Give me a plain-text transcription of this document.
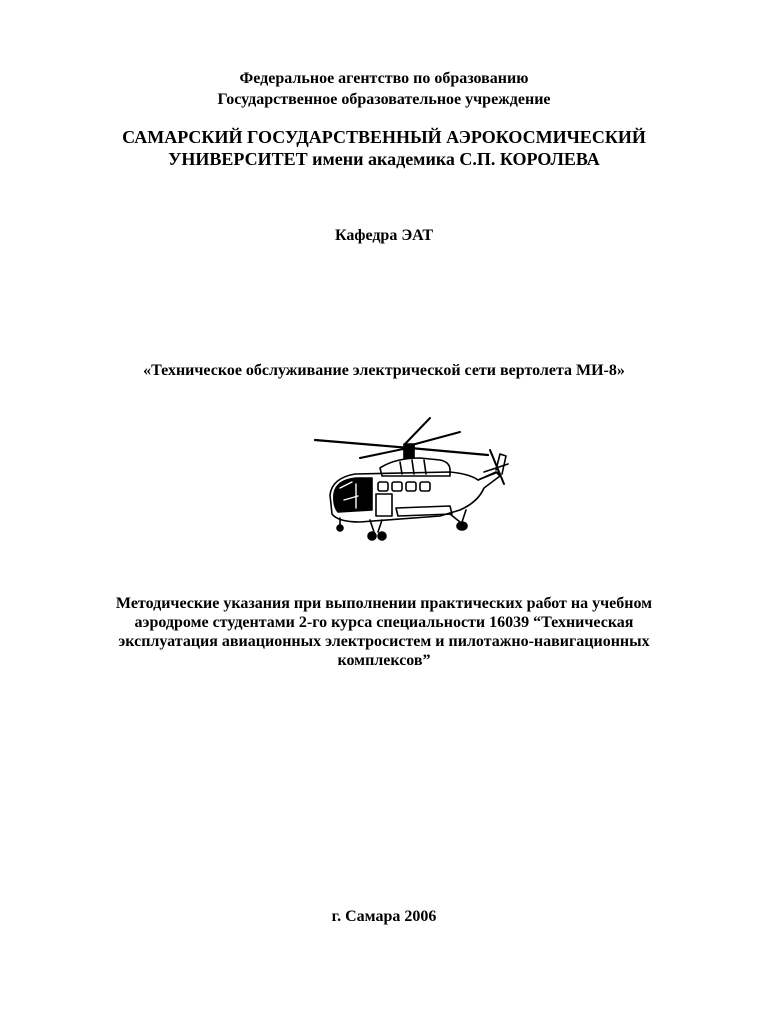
Федеральное агентство по образованию
Государственное образовательное учреждение
САМАРСКИЙ ГОСУДАРСТВЕННЫЙ АЭРОКОСМИЧЕСКИЙ
УНИВЕРСИТЕТ имени академика С.П. КОРОЛЕВА
Кафедра ЭАТ
«Техническое обслуживание электрической сети вертолета МИ-8»
Методические указания при выполнении практических работ на учебном
аэродроме студентами 2-го курса специальности 16039 “Техническая
эксплуатация авиационных электросистем и пилотажно-навигационных
комплексов”
г. Самара 2006
